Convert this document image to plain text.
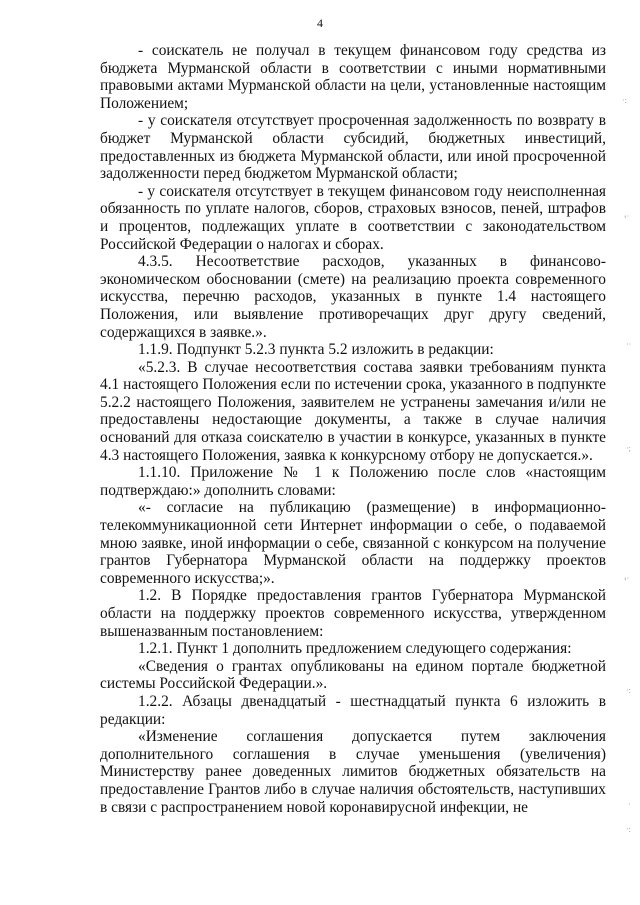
4

- соискатель не получал в текущем финансовом году средства из бюджета Мурманской области в соответствии с иными нормативными правовыми актами Мурманской области на цели, установленные настоящим Положением;

- у соискателя отсутствует просроченная задолженность по возврату в бюджет Мурманской области субсидий, бюджетных инвестиций, предоставленных из бюджета Мурманской области, или иной просроченной задолженности перед бюджетом Мурманской области;

- у соискателя отсутствует в текущем финансовом году неисполненная обязанность по уплате налогов, сборов, страховых взносов, пеней, штрафов и процентов, подлежащих уплате в соответствии с законодательством Российской Федерации о налогах и сборах.

4.3.5. Несоответствие расходов, указанных в финансово-экономическом обосновании (смете) на реализацию проекта современного искусства, перечню расходов, указанных в пункте 1.4 настоящего Положения, или выявление противоречащих друг другу сведений, содержащихся в заявке.».

1.1.9. Подпункт 5.2.3 пункта 5.2 изложить в редакции:

«5.2.3. В случае несоответствия состава заявки требованиям пункта 4.1 настоящего Положения если по истечении срока, указанного в подпункте 5.2.2 настоящего Положения, заявителем не устранены замечания и/или не предоставлены недостающие документы, а также в случае наличия оснований для отказа соискателю в участии в конкурсе, указанных в пункте 4.3 настоящего Положения, заявка к конкурсному отбору не допускается.».

1.1.10. Приложение № 1 к Положению после слов «настоящим подтверждаю:» дополнить словами:

«- согласие на публикацию (размещение) в информационно-телекоммуникационной сети Интернет информации о себе, о подаваемой мною заявке, иной информации о себе, связанной с конкурсом на получение грантов Губернатора Мурманской области на поддержку проектов современного искусства;».

1.2. В Порядке предоставления грантов Губернатора Мурманской области на поддержку проектов современного искусства, утвержденном вышеназванным постановлением:

1.2.1. Пункт 1 дополнить предложением следующего содержания:

«Сведения о грантах опубликованы на едином портале бюджетной системы Российской Федерации.».

1.2.2. Абзацы двенадцатый - шестнадцатый пункта 6 изложить в редакции:

«Изменение соглашения допускается путем заключения дополнительного соглашения в случае уменьшения (увеличения) Министерству ранее доведенных лимитов бюджетных обязательств на предоставление Грантов либо в случае наличия обстоятельств, наступивших в связи с распространением новой коронавирусной инфекции, не

·:
‹·
··
·;
‹·
·:
·
·:
